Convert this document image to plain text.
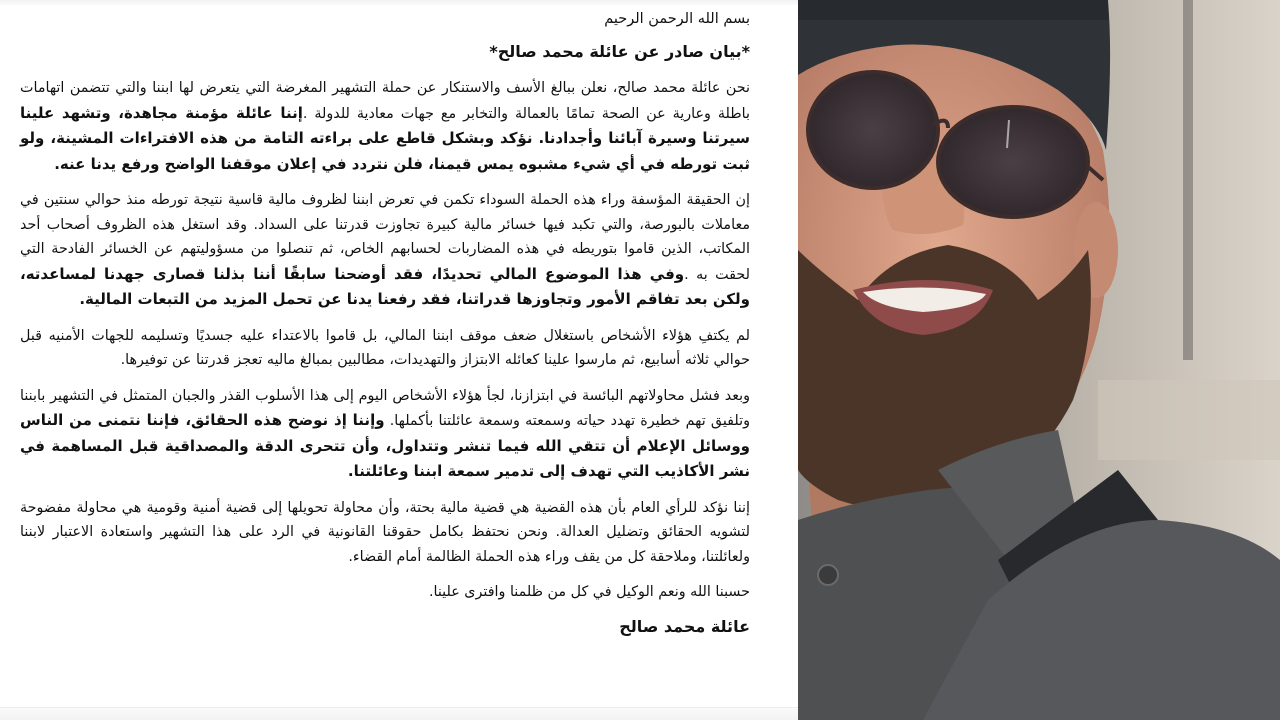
بسم الله الرحمن الرحيم

*بيان صادر عن عائلة محمد صالح*

نحن عائلة محمد صالح، نعلن ببالغ الأسف والاستنكار عن حملة التشهير المغرضة التي يتعرض لها ابننا والتي تتضمن اتهامات باطلة وعارية عن الصحة تمامًا بالعمالة والتخابر مع جهات معادية للدولة .إننا عائلة مؤمنة مجاهدة، وتشهد علينا سيرتنا وسيرة آبائنا وأجدادنا. نؤكد وبشكل قاطع على براءته التامة من هذه الافتراءات المشينة، ولو ثبت تورطه في أي شيء مشبوه يمس قيمنا، فلن نتردد في إعلان موقفنا الواضح ورفع يدنا عنه.

إن الحقيقة المؤسفة وراء هذه الحملة السوداء تكمن في تعرض ابننا لظروف مالية قاسية نتيجة تورطه منذ حوالي سنتين في معاملات بالبورصة، والتي تكبد فيها خسائر مالية كبيرة تجاوزت قدرتنا على السداد. وقد استغل هذه الظروف أصحاب أحد المكاتب، الذين قاموا بتوريطه في هذه المضاربات لحسابهم الخاص، ثم تنصلوا من مسؤوليتهم عن الخسائر الفادحة التي لحقت به .وفي هذا الموضوع المالي تحديدًا، فقد أوضحنا سابقًا أننا بذلنا قصارى جهدنا لمساعدته، ولكن بعد تفاقم الأمور وتجاوزها قدراتنا، فقد رفعنا يدنا عن تحمل المزيد من التبعات المالية.

لم يكتفِ هؤلاء الأشخاص باستغلال ضعف موقف ابننا المالي، بل قاموا بالاعتداء عليه جسديًا وتسليمه للجهات الأمنيه قبل حوالي ثلاثه أسابيع، ثم مارسوا علينا كعائله الابتزاز والتهديدات، مطالبين بمبالغ ماليه تعجز قدرتنا عن توفيرها.

وبعد فشل محاولاتهم البائسة في ابتزازنا، لجأ هؤلاء الأشخاص اليوم إلى هذا الأسلوب القذر والجبان المتمثل في التشهير بابننا وتلفيق تهم خطيرة تهدد حياته وسمعته وسمعة عائلتنا بأكملها. وإننا إذ نوضح هذه الحقائق، فإننا نتمنى من الناس ووسائل الإعلام أن تتقي الله فيما تنشر وتتداول، وأن تتحرى الدقة والمصداقية قبل المساهمة في نشر الأكاذيب التي تهدف إلى تدمير سمعة ابننا وعائلتنا.

إننا نؤكد للرأي العام بأن هذه القضية هي قضية مالية بحتة، وأن محاولة تحويلها إلى قضية أمنية وقومية هي محاولة مفضوحة لتشويه الحقائق وتضليل العدالة. ونحن نحتفظ بكامل حقوقنا القانونية في الرد على هذا التشهير واستعادة الاعتبار لابننا ولعائلتنا، وملاحقة كل من يقف وراء هذه الحملة الظالمة أمام القضاء.

حسبنا الله ونعم الوكيل في كل من ظلمنا وافترى علينا.

عائلة محمد صالح
